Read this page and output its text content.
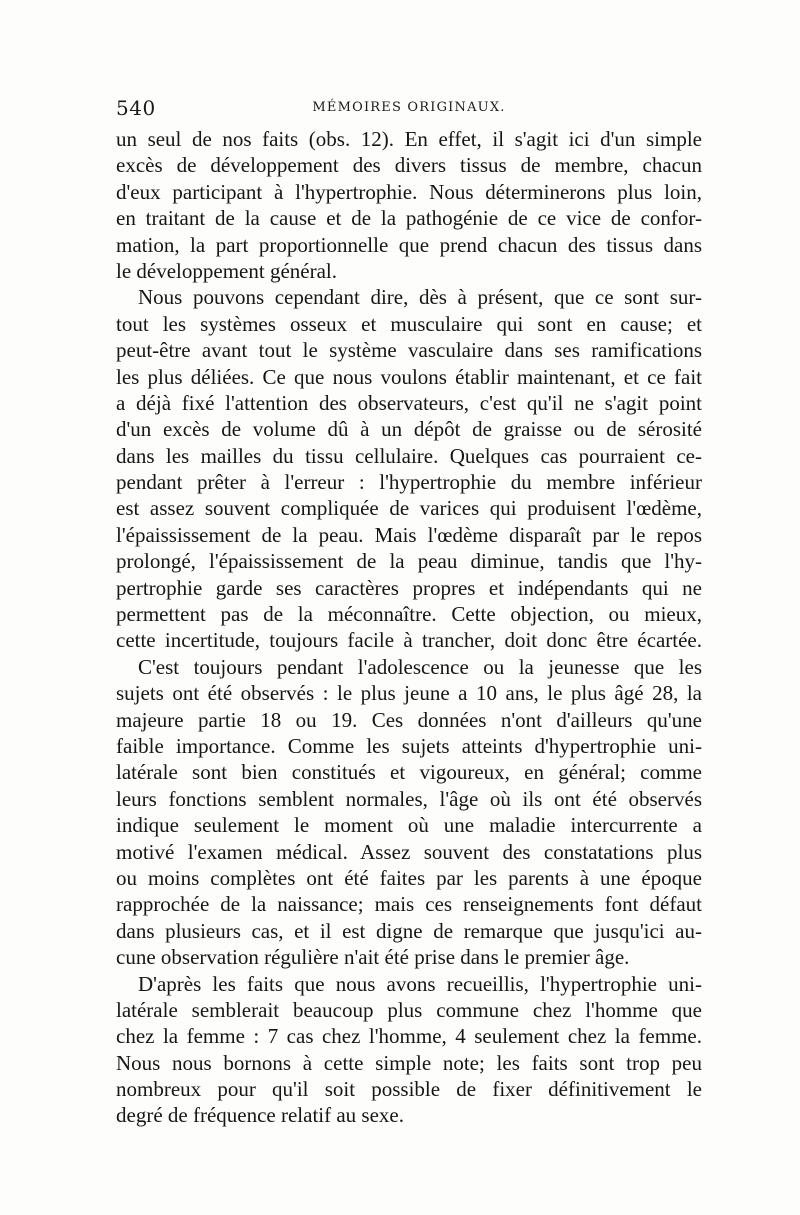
540	MÉMOIRES ORIGINAUX.
un seul de nos faits (obs. 12). En effet, il s'agit ici d'un simple
excès de développement des divers tissus de membre, chacun
d'eux participant à l'hypertrophie. Nous déterminerons plus loin,
en traitant de la cause et de la pathogénie de ce vice de confor-
mation, la part proportionnelle que prend chacun des tissus dans
le développement général.
Nous pouvons cependant dire, dès à présent, que ce sont sur-
tout les systèmes osseux et musculaire qui sont en cause; et
peut-être avant tout le système vasculaire dans ses ramifications
les plus déliées. Ce que nous voulons établir maintenant, et ce fait
a déjà fixé l'attention des observateurs, c'est qu'il ne s'agit point
d'un excès de volume dû à un dépôt de graisse ou de sérosité
dans les mailles du tissu cellulaire. Quelques cas pourraient ce-
pendant prêter à l'erreur : l'hypertrophie du membre inférieur
est assez souvent compliquée de varices qui produisent l'œdème,
l'épaississement de la peau. Mais l'œdème disparaît par le repos
prolongé, l'épaississement de la peau diminue, tandis que l'hy-
pertrophie garde ses caractères propres et indépendants qui ne
permettent pas de la méconnaître. Cette objection, ou mieux,
cette incertitude, toujours facile à trancher, doit donc être écartée.
C'est toujours pendant l'adolescence ou la jeunesse que les
sujets ont été observés : le plus jeune a 10 ans, le plus âgé 28, la
majeure partie 18 ou 19. Ces données n'ont d'ailleurs qu'une
faible importance. Comme les sujets atteints d'hypertrophie uni-
latérale sont bien constitués et vigoureux, en général; comme
leurs fonctions semblent normales, l'âge où ils ont été observés
indique seulement le moment où une maladie intercurrente a
motivé l'examen médical. Assez souvent des constatations plus
ou moins complètes ont été faites par les parents à une époque
rapprochée de la naissance; mais ces renseignements font défaut
dans plusieurs cas, et il est digne de remarque que jusqu'ici au-
cune observation régulière n'ait été prise dans le premier âge.
D'après les faits que nous avons recueillis, l'hypertrophie uni-
latérale semblerait beaucoup plus commune chez l'homme que
chez la femme : 7 cas chez l'homme, 4 seulement chez la femme.
Nous nous bornons à cette simple note; les faits sont trop peu
nombreux pour qu'il soit possible de fixer définitivement le
degré de fréquence relatif au sexe.
